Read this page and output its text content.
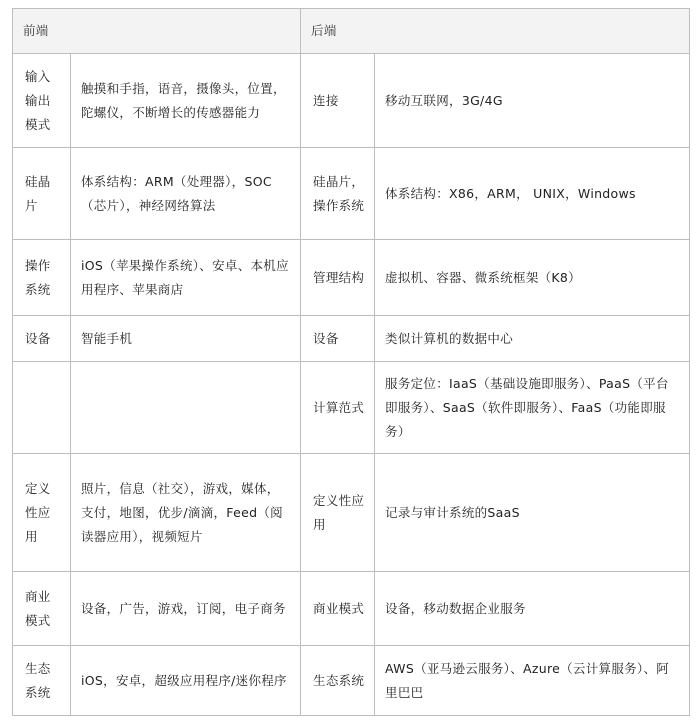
前端		后端	
输入输出模式	触摸和手指，语音，摄像头，位置，陀螺仪，不断增长的传感器能力	连接	移动互联网，3G/4G
硅晶片	体系结构：ARM（处理器），SOC（芯片），神经网络算法	硅晶片，操作系统	体系结构：X86，ARM， UNIX，Windows
操作系统	iOS（苹果操作系统）、安卓、本机应用程序、苹果商店	管理结构	虚拟机、容器、微系统框架（K8）
设备	智能手机	设备	类似计算机的数据中心
		计算范式	服务定位：IaaS（基础设施即服务）、PaaS（平台即服务）、SaaS（软件即服务）、FaaS（功能即服务）
定义性应用	照片，信息（社交），游戏，媒体，支付，地图，优步/滴滴，Feed（阅读器应用），视频短片	定义性应用	记录与审计系统的SaaS
商业模式	设备，广告，游戏，订阅，电子商务	商业模式	设备，移动数据企业服务
生态系统	iOS，安卓，超级应用程序/迷你程序	生态系统	AWS（亚马逊云服务）、Azure（云计算服务）、阿里巴巴
